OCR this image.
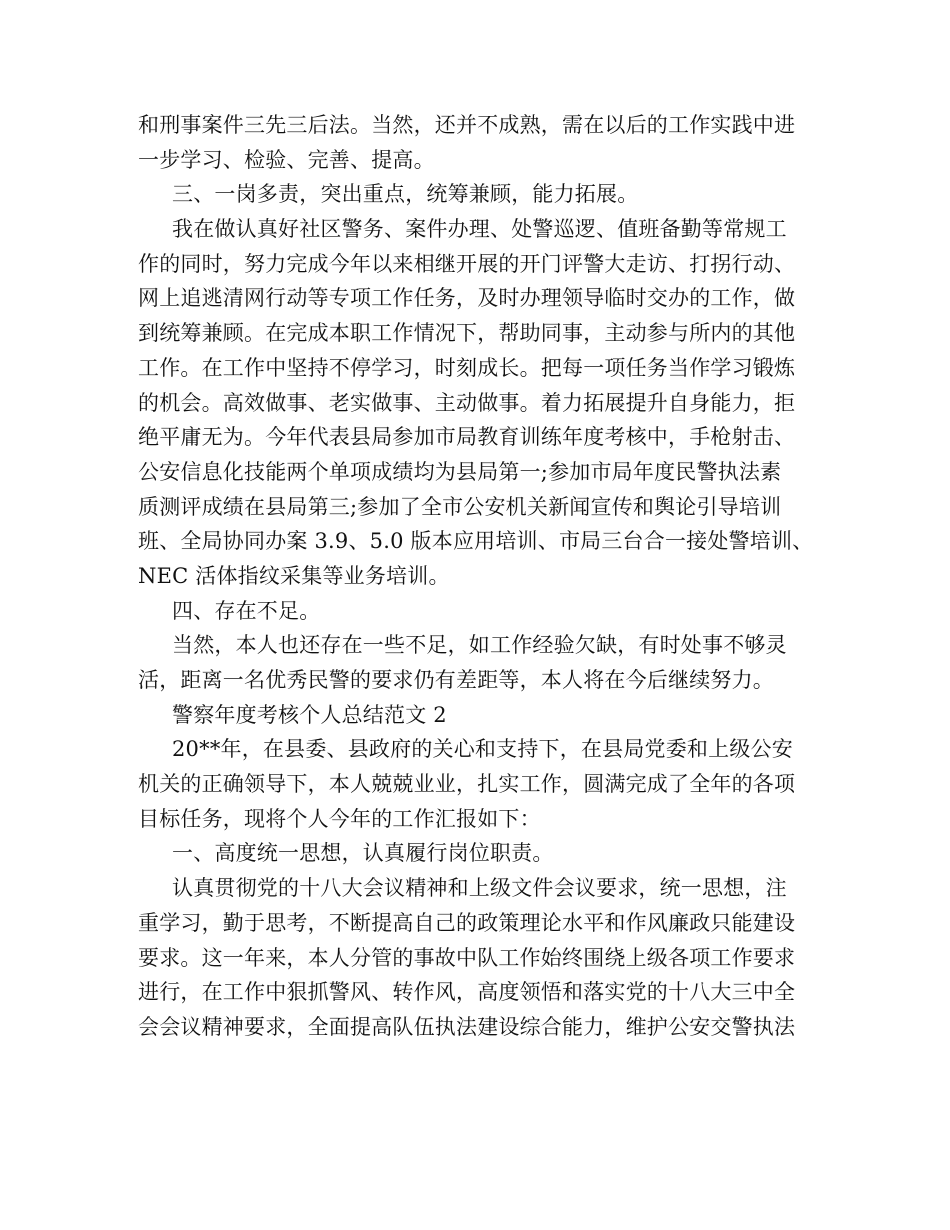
和刑事案件三先三后法。当然，还并不成熟，需在以后的工作实践中进
一步学习、检验、完善、提高。
三、一岗多责，突出重点，统筹兼顾，能力拓展。
我在做认真好社区警务、案件办理、处警巡逻、值班备勤等常规工
作的同时，努力完成今年以来相继开展的开门评警大走访、打拐行动、
网上追逃清网行动等专项工作任务，及时办理领导临时交办的工作，做
到统筹兼顾。在完成本职工作情况下，帮助同事，主动参与所内的其他
工作。在工作中坚持不停学习，时刻成长。把每一项任务当作学习锻炼
的机会。高效做事、老实做事、主动做事。着力拓展提升自身能力，拒
绝平庸无为。今年代表县局参加市局教育训练年度考核中，手枪射击、
公安信息化技能两个单项成绩均为县局第一;参加市局年度民警执法素
质测评成绩在县局第三;参加了全市公安机关新闻宣传和舆论引导培训
班、全局协同办案 3.9、5.0 版本应用培训、市局三台合一接处警培训、
NEC 活体指纹采集等业务培训。
四、存在不足。
当然，本人也还存在一些不足，如工作经验欠缺，有时处事不够灵
活，距离一名优秀民警的要求仍有差距等，本人将在今后继续努力。
警察年度考核个人总结范文 2
20**年，在县委、县政府的关心和支持下，在县局党委和上级公安
机关的正确领导下，本人兢兢业业，扎实工作，圆满完成了全年的各项
目标任务，现将个人今年的工作汇报如下：
一、高度统一思想，认真履行岗位职责。
认真贯彻党的十八大会议精神和上级文件会议要求，统一思想，注
重学习，勤于思考，不断提高自己的政策理论水平和作风廉政只能建设
要求。这一年来，本人分管的事故中队工作始终围绕上级各项工作要求
进行，在工作中狠抓警风、转作风，高度领悟和落实党的十八大三中全
会会议精神要求，全面提高队伍执法建设综合能力，维护公安交警执法
